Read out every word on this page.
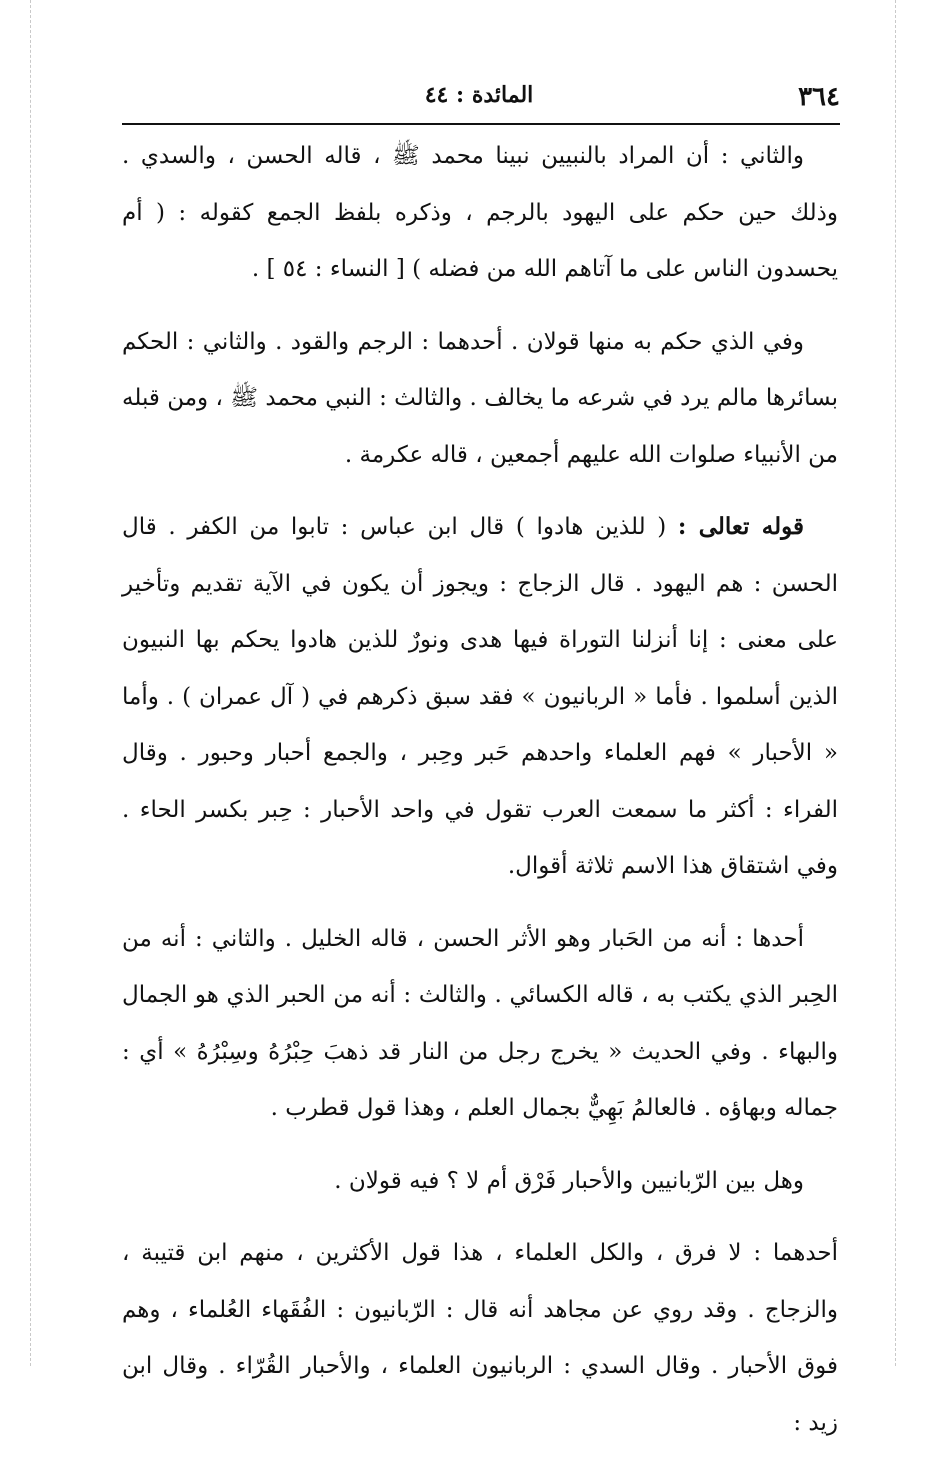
٣٦٤
المائدة : ٤٤

والثاني : أن المراد بالنبيين نبينا محمد ﷺ ، قاله الحسن ، والسدي . وذلك حين حكم على اليهود بالرجم ، وذكره بلفظ الجمع كقوله : ( أم يحسدون الناس على ما آتاهم الله من فضله ) [ النساء : ٥٤ ] .

وفي الذي حكم به منها قولان . أحدهما : الرجم والقود . والثاني : الحكم بسائرها مالم يرد في شرعه ما يخالف . والثالث : النبي محمد ﷺ ، ومن قبله من الأنبياء صلوات الله عليهم أجمعين ، قاله عكرمة .

قوله تعالى : ( للذين هادوا ) قال ابن عباس : تابوا من الكفر . قال الحسن : هم اليهود . قال الزجاج : ويجوز أن يكون في الآية تقديم وتأخير على معنى : إنا أنزلنا التوراة فيها هدى ونورٌ للذين هادوا يحكم بها النبيون الذين أسلموا . فأما « الربانيون » فقد سبق ذكرهم في ( آل عمران ) . وأما « الأحبار » فهم العلماء واحدهم حَبر وحِبر ، والجمع أحبار وحبور . وقال الفراء : أكثر ما سمعت العرب تقول في واحد الأحبار : حِبر بكسر الحاء . وفي اشتقاق هذا الاسم ثلاثة أقوال.

أحدها : أنه من الحَبار وهو الأثر الحسن ، قاله الخليل . والثاني : أنه من الحِبر الذي يكتب به ، قاله الكسائي . والثالث : أنه من الحبر الذي هو الجمال والبهاء . وفي الحديث « يخرج رجل من النار قد ذهبَ حِبْرُهُ وسِبْرُهُ » أي : جماله وبهاؤه . فالعالمُ بَهِيٌّ بجمال العلم ، وهذا قول قطرب .

وهل بين الرّبانيين والأحبار فَرْق أم لا ؟ فيه قولان .

أحدهما : لا فرق ، والكل العلماء ، هذا قول الأكثرين ، منهم ابن قتيبة ، والزجاج . وقد روي عن مجاهد أنه قال : الرّبانيون : الفُقَهاء العُلماء ، وهم فوق الأحبار . وقال السدي : الربانيون العلماء ، والأحبار القُرّاء . وقال ابن زيد :
